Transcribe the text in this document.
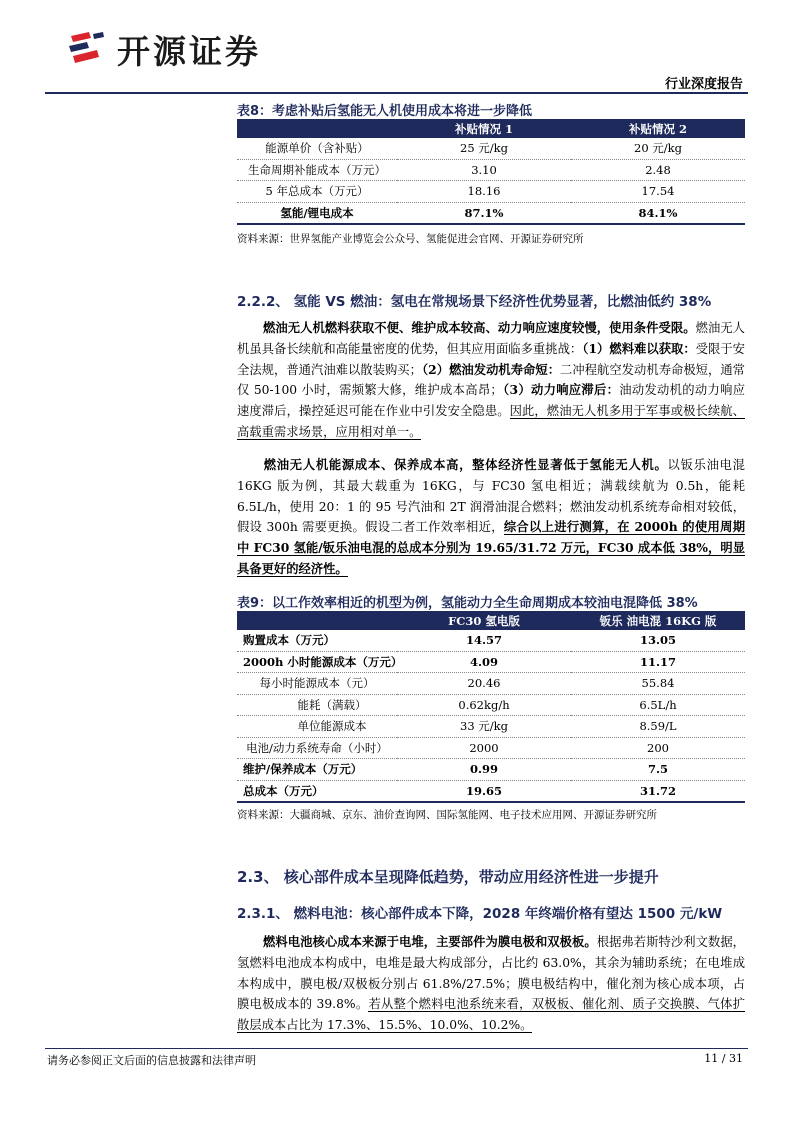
开源证券
行业深度报告
表8：考虑补贴后氢能无人机使用成本将进一步降低
	补贴情况 1	补贴情况 2
能源单价（含补贴）	25 元/kg	20 元/kg
生命周期补能成本（万元）	3.10	2.48
5 年总成本（万元）	18.16	17.54
氢能/锂电成本	87.1%	84.1%
资料来源：世界氢能产业博览会公众号、氢能促进会官网、开源证券研究所
2.2.2、 氢能 VS 燃油：氢电在常规场景下经济性优势显著，比燃油低约 38%
燃油无人机燃料获取不便、维护成本较高、动力响应速度较慢，使用条件受限。燃油无人机虽具备长续航和高能量密度的优势，但其应用面临多重挑战：（1）燃料难以获取：受限于安全法规，普通汽油难以散装购买；（2）燃油发动机寿命短：二冲程航空发动机寿命极短，通常仅 50-100 小时，需频繁大修，维护成本高昂；（3）动力响应滞后：油动发动机的动力响应速度滞后，操控延迟可能在作业中引发安全隐患。因此，燃油无人机多用于军事或极长续航、高载重需求场景，应用相对单一。
燃油无人机能源成本、保养成本高，整体经济性显著低于氢能无人机。以钣乐油电混 16KG 版为例，其最大载重为 16KG，与 FC30 氢电相近；满载续航为 0.5h，能耗 6.5L/h，使用 20：1 的 95 号汽油和 2T 润滑油混合燃料；燃油发动机系统寿命相对较低，假设 300h 需要更换。假设二者工作效率相近，综合以上进行测算，在 2000h 的使用周期中 FC30 氢能/钣乐油电混的总成本分别为 19.65/31.72 万元，FC30 成本低 38%，明显具备更好的经济性。
表9：以工作效率相近的机型为例，氢能动力全生命周期成本较油电混降低 38%
	FC30 氢电版	钣乐 油电混 16KG 版
购置成本（万元）	14.57	13.05
2000h 小时能源成本（万元）	4.09	11.17
每小时能源成本（元）	20.46	55.84
能耗（满载）	0.62kg/h	6.5L/h
单位能源成本	33 元/kg	8.59/L
电池/动力系统寿命（小时）	2000	200
维护/保养成本（万元）	0.99	7.5
总成本（万元）	19.65	31.72
资料来源：大疆商城、京东、油价查询网、国际氢能网、电子技术应用网、开源证券研究所
2.3、 核心部件成本呈现降低趋势，带动应用经济性进一步提升
2.3.1、 燃料电池：核心部件成本下降，2028 年终端价格有望达 1500 元/kW
燃料电池核心成本来源于电堆，主要部件为膜电极和双极板。根据弗若斯特沙利文数据，氢燃料电池成本构成中，电堆是最大构成部分，占比约 63.0%，其余为辅助系统；在电堆成本构成中，膜电极/双极板分别占 61.8%/27.5%；膜电极结构中，催化剂为核心成本项，占膜电极成本的 39.8%。若从整个燃料电池系统来看，双极板、催化剂、质子交换膜、气体扩散层成本占比为 17.3%、15.5%、10.0%、10.2%。
请务必参阅正文后面的信息披露和法律声明	11 / 31
